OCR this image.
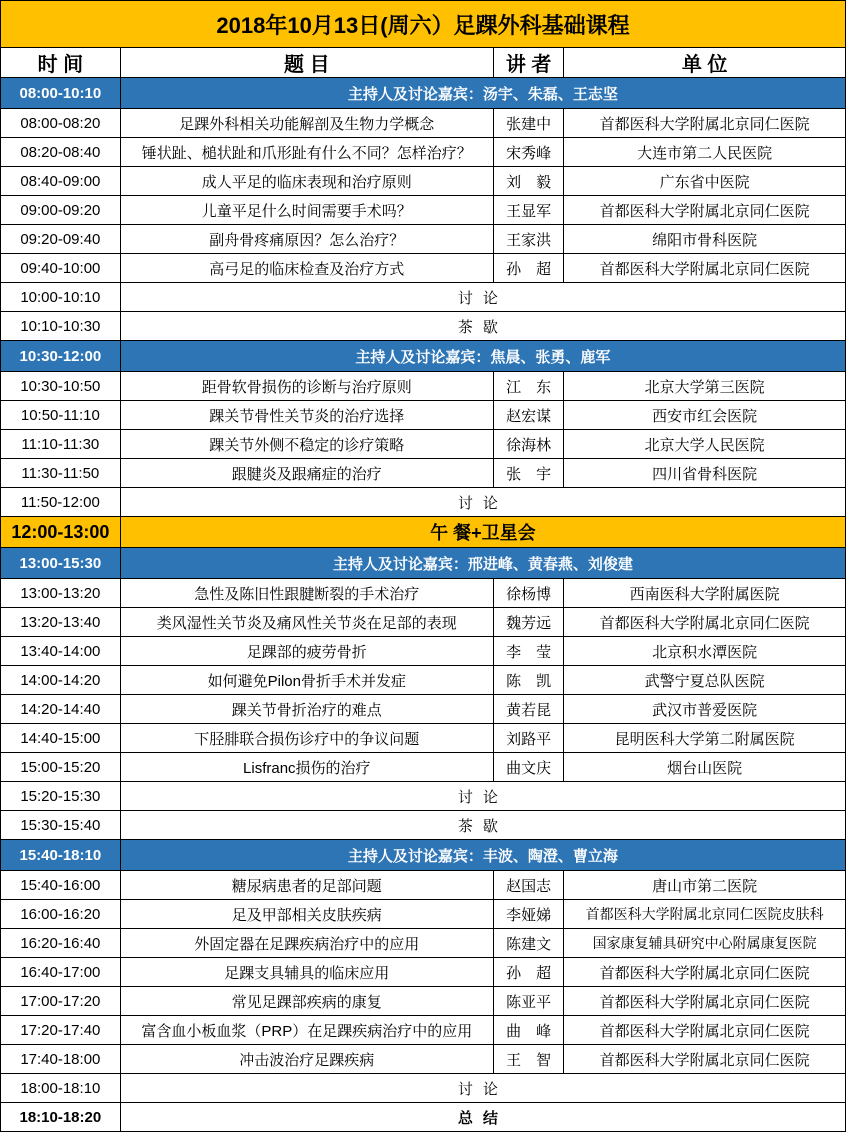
2018年10月13日(周六）足踝外科基础课程			
时 间	题 目	讲 者	单 位
08:00-10:10	主持人及讨论嘉宾：汤宇、朱磊、王志坚		
08:00-08:20	足踝外科相关功能解剖及生物力学概念	张建中	首都医科大学附属北京同仁医院
08:20-08:40	锤状趾、槌状趾和爪形趾有什么不同？怎样治疗？	宋秀峰	大连市第二人民医院
08:40-09:00	成人平足的临床表现和治疗原则	刘　毅	广东省中医院
09:00-09:20	儿童平足什么时间需要手术吗？	王显军	首都医科大学附属北京同仁医院
09:20-09:40	副舟骨疼痛原因？怎么治疗？	王家洪	绵阳市骨科医院
09:40-10:00	高弓足的临床检查及治疗方式	孙　超	首都医科大学附属北京同仁医院
10:00-10:10	讨论		
10:10-10:30	茶歇		
10:30-12:00	主持人及讨论嘉宾：焦晨、张勇、鹿军		
10:30-10:50	距骨软骨损伤的诊断与治疗原则	江　东	北京大学第三医院
10:50-11:10	踝关节骨性关节炎的治疗选择	赵宏谋	西安市红会医院
11:10-11:30	踝关节外侧不稳定的诊疗策略	徐海林	北京大学人民医院
11:30-11:50	跟腱炎及跟痛症的治疗	张　宇	四川省骨科医院
11:50-12:00	讨论		
12:00-13:00	午 餐+卫星会		
13:00-15:30	主持人及讨论嘉宾：邢进峰、黄春燕、刘俊建		
13:00-13:20	急性及陈旧性跟腱断裂的手术治疗	徐杨博	西南医科大学附属医院
13:20-13:40	类风湿性关节炎及痛风性关节炎在足部的表现	魏芳远	首都医科大学附属北京同仁医院
13:40-14:00	足踝部的疲劳骨折	李　莹	北京积水潭医院
14:00-14:20	如何避免Pilon骨折手术并发症	陈　凯	武警宁夏总队医院
14:20-14:40	踝关节骨折治疗的难点	黄若昆	武汉市普爱医院
14:40-15:00	下胫腓联合损伤诊疗中的争议问题	刘路平	昆明医科大学第二附属医院
15:00-15:20	Lisfranc损伤的治疗	曲文庆	烟台山医院
15:20-15:30	讨论		
15:30-15:40	茶歇		
15:40-18:10	主持人及讨论嘉宾：丰波、陶澄、曹立海		
15:40-16:00	糖尿病患者的足部问题	赵国志	唐山市第二医院
16:00-16:20	足及甲部相关皮肤疾病	李娅娣	首都医科大学附属北京同仁医院皮肤科
16:20-16:40	外固定器在足踝疾病治疗中的应用	陈建文	国家康复辅具研究中心附属康复医院
16:40-17:00	足踝支具辅具的临床应用	孙　超	首都医科大学附属北京同仁医院
17:00-17:20	常见足踝部疾病的康复	陈亚平	首都医科大学附属北京同仁医院
17:20-17:40	富含血小板血浆（PRP）在足踝疾病治疗中的应用	曲　峰	首都医科大学附属北京同仁医院
17:40-18:00	冲击波治疗足踝疾病	王　智	首都医科大学附属北京同仁医院
18:00-18:10	讨论		
18:10-18:20	总结		
